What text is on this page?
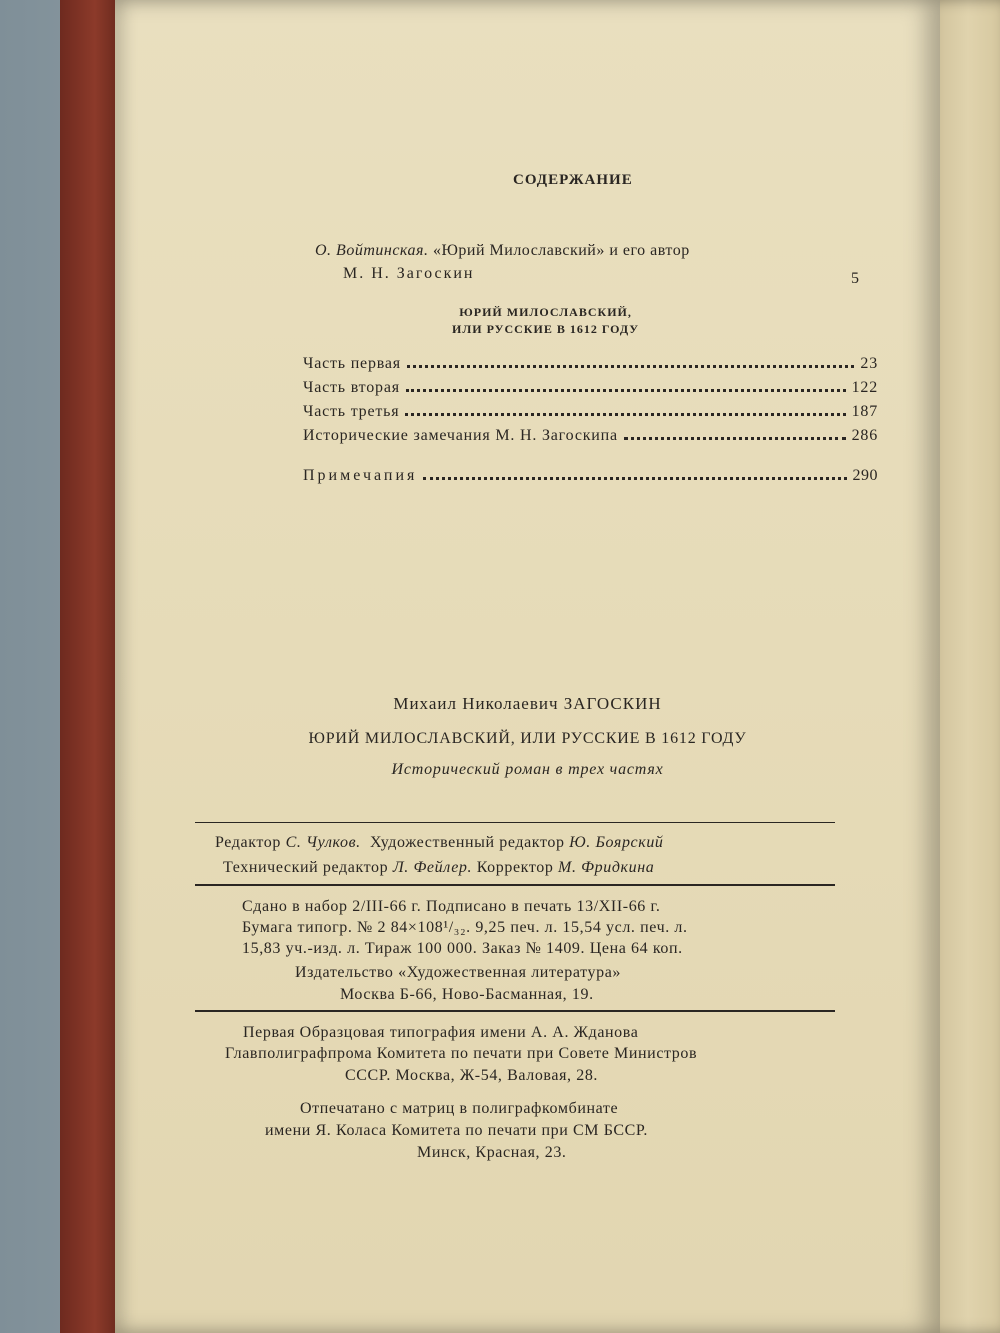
СОДЕРЖАНИЕ
О. Войтинская. «Юрий Милославский» и его автор
М. Н. Загоскин	5
ЮРИЙ МИЛОСЛАВСКИЙ,
ИЛИ РУССКИЕ В 1612 ГОДУ
Часть первая	23
Часть вторая	122
Часть третья	187
Исторические замечания М. Н. Загоскипа	286
Примечапия	290
Михаил Николаевич ЗАГОСКИН
ЮРИЙ МИЛОСЛАВСКИЙ, ИЛИ РУССКИЕ В 1612 ГОДУ
Исторический роман в трех частях
Редактор С. Чулков. Художественный редактор Ю. Боярский
Технический редактор Л. Фейлер. Корректор М. Фридкина
Сдано в набор 2/III-66 г. Подписано в печать 13/XII-66 г.
Бумага типогр. № 2 84×108¹/₃₂. 9,25 печ. л. 15,54 усл. печ. л.
15,83 уч.-изд. л. Тираж 100 000. Заказ № 1409. Цена 64 коп.
Издательство «Художественная литература»
Москва Б-66, Ново-Басманная, 19.
Первая Образцовая типография имени А. А. Жданова
Главполиграфпрома Комитета по печати при Совете Министров
СССР. Москва, Ж-54, Валовая, 28.
Отпечатано с матриц в полиграфкомбинате
имени Я. Коласа Комитета по печати при СМ БССР.
Минск, Красная, 23.
